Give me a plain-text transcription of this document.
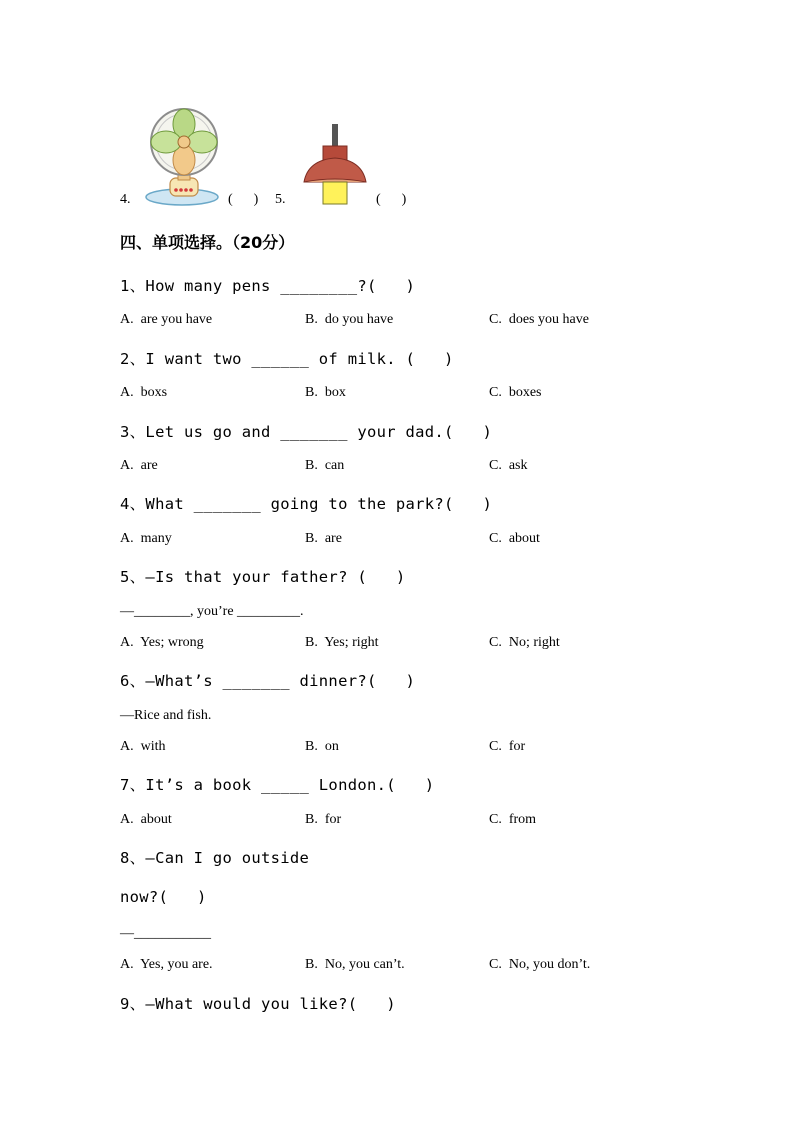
4.	(      ) 5.	(      )
四、单项选择。（20分）
1、How many pens ________?(   )
A.  are you have	B.  do you have	C.  does you have
2、I want two ______ of milk. (   )
A.  boxs	B.  box	C.  boxes
3、Let us go and _______ your dad.(   )
A.  are	B.  can	C.  ask
4、What _______ going to the park?(   )
A.  many	B.  are	C.  about
5、—Is that your father? (   )
—________, you’re _________.
A.  Yes; wrong	B.  Yes; right	C.  No; right
6、—What’s _______ dinner?(   )
—Rice and fish.
A.  with	B.  on	C.  for
7、It’s a book _____ London.(   )
A.  about	B.  for	C.  from
8、—Can I go outside
now?(   )
—___________
A.  Yes, you are.	B.  No, you can’t.	C.  No, you don’t.
9、—What would you like?(   )
